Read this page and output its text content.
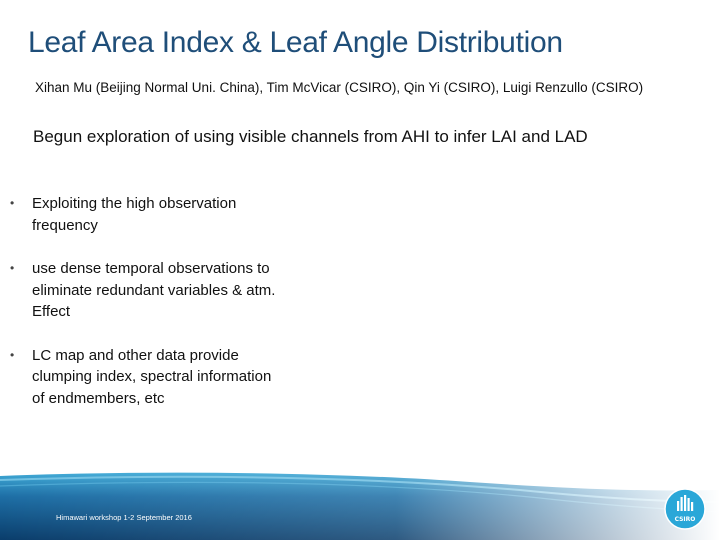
Leaf Area Index & Leaf Angle Distribution
Xihan Mu (Beijing Normal Uni. China), Tim McVicar (CSIRO), Qin Yi (CSIRO), Luigi Renzullo (CSIRO)
Begun exploration of using visible channels from AHI to infer LAI and LAD
•	Exploiting the high observation frequency
•	use dense temporal observations to eliminate redundant variables & atm. Effect
•	LC map and other data provide clumping index, spectral information of endmembers, etc
Himawari workshop 1-2 September 2016	CSIRO
